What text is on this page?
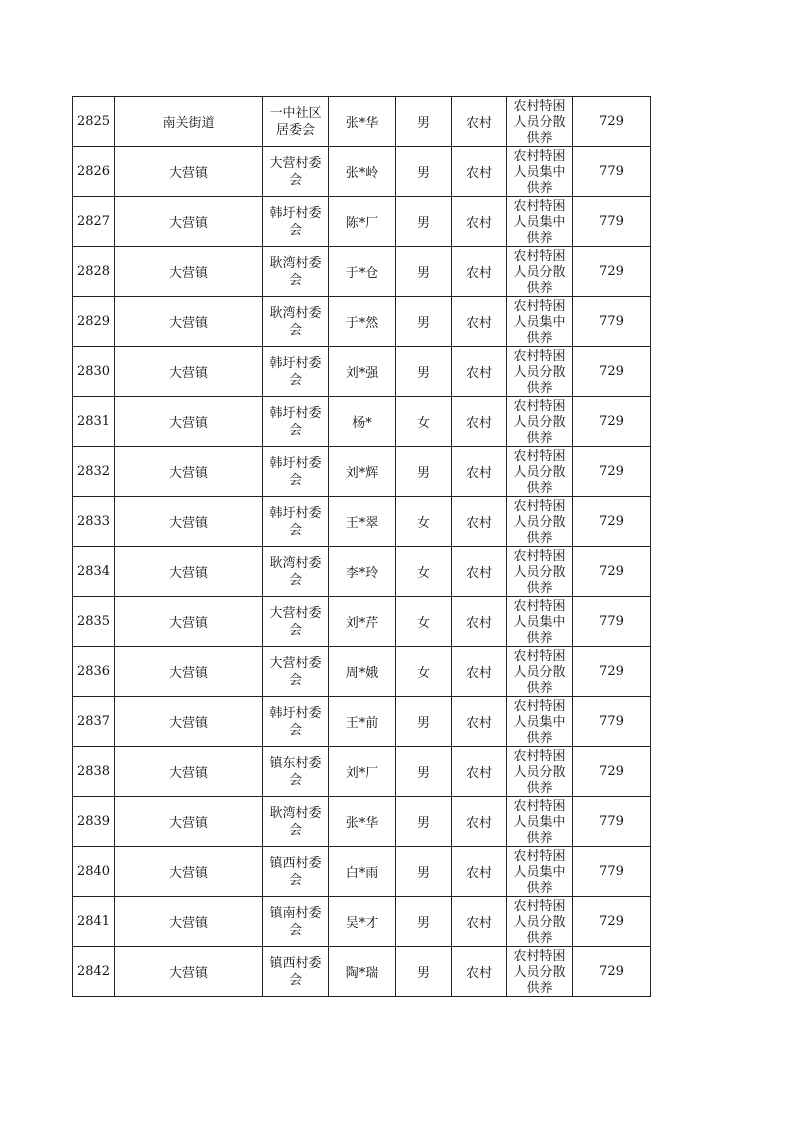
2825	南关街道	一中社区居委会	张*华	男	农村	农村特困人员分散供养	729
2826	大营镇	大营村委会	张*岭	男	农村	农村特困人员集中供养	779
2827	大营镇	韩圩村委会	陈*厂	男	农村	农村特困人员集中供养	779
2828	大营镇	耿湾村委会	于*仓	男	农村	农村特困人员分散供养	729
2829	大营镇	耿湾村委会	于*然	男	农村	农村特困人员集中供养	779
2830	大营镇	韩圩村委会	刘*强	男	农村	农村特困人员分散供养	729
2831	大营镇	韩圩村委会	杨*	女	农村	农村特困人员分散供养	729
2832	大营镇	韩圩村委会	刘*辉	男	农村	农村特困人员分散供养	729
2833	大营镇	韩圩村委会	王*翠	女	农村	农村特困人员分散供养	729
2834	大营镇	耿湾村委会	李*玲	女	农村	农村特困人员分散供养	729
2835	大营镇	大营村委会	刘*芹	女	农村	农村特困人员集中供养	779
2836	大营镇	大营村委会	周*娥	女	农村	农村特困人员分散供养	729
2837	大营镇	韩圩村委会	王*前	男	农村	农村特困人员集中供养	779
2838	大营镇	镇东村委会	刘*厂	男	农村	农村特困人员分散供养	729
2839	大营镇	耿湾村委会	张*华	男	农村	农村特困人员集中供养	779
2840	大营镇	镇西村委会	白*雨	男	农村	农村特困人员集中供养	779
2841	大营镇	镇南村委会	吴*才	男	农村	农村特困人员分散供养	729
2842	大营镇	镇西村委会	陶*瑞	男	农村	农村特困人员分散供养	729
